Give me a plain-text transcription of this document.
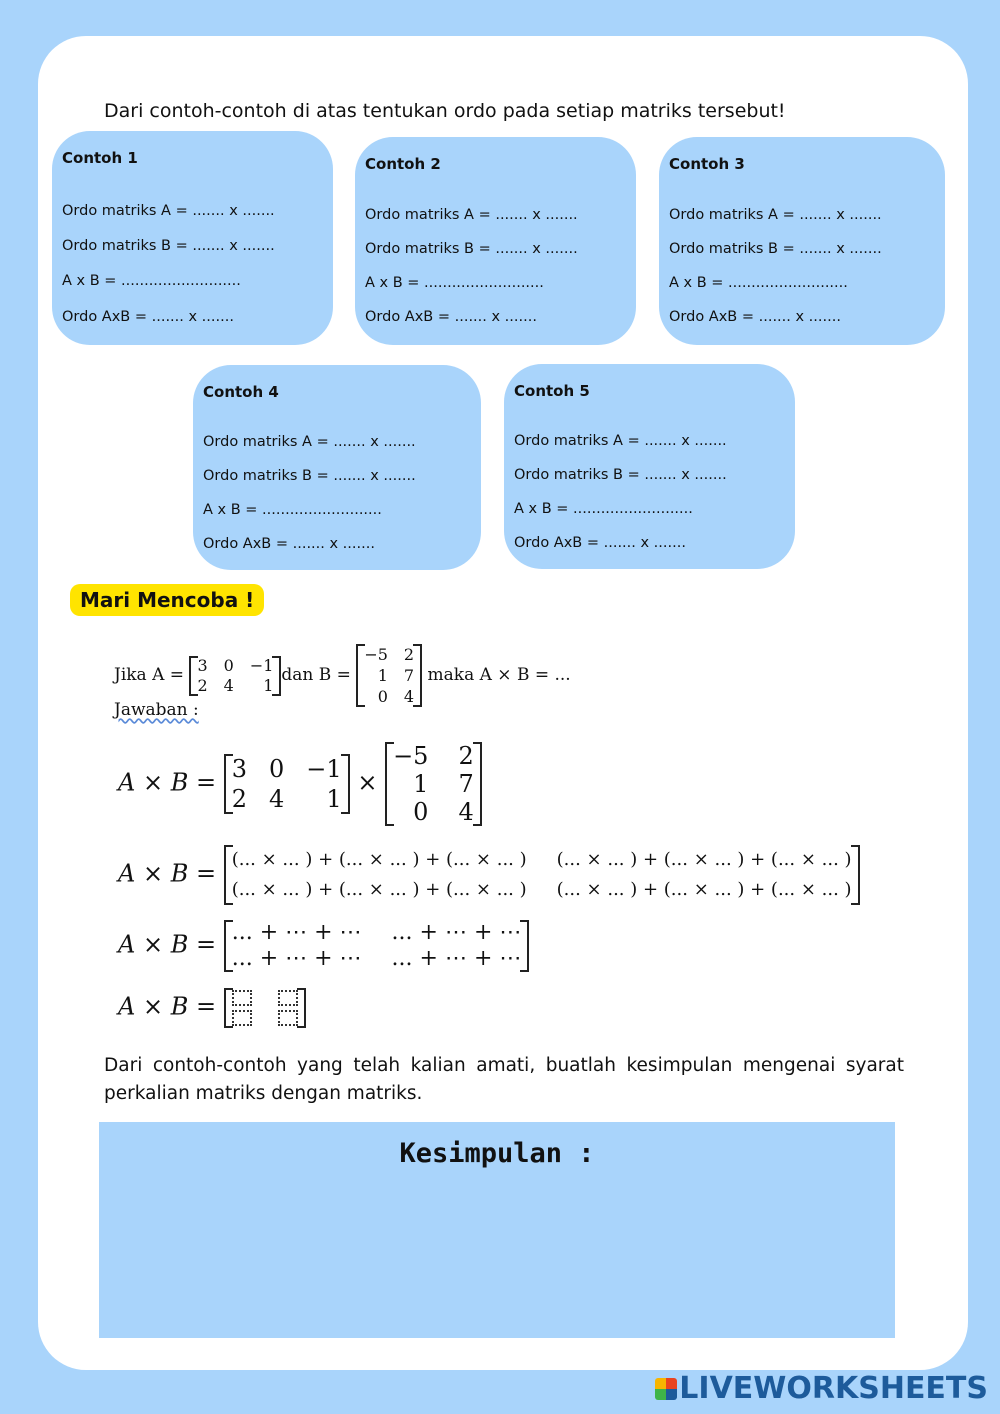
Dari contoh-contoh di atas tentukan ordo pada setiap matriks tersebut!
Contoh 1
Ordo matriks A = ....... x .......
Ordo matriks B = ....... x .......
A x B = ..........................
Ordo AxB = ....... x .......
Contoh 2
Ordo matriks A = ....... x .......
Ordo matriks B = ....... x .......
A x B = ..........................
Ordo AxB = ....... x .......
Contoh 3
Ordo matriks A = ....... x .......
Ordo matriks B = ....... x .......
A x B = ..........................
Ordo AxB = ....... x .......
Contoh 4
Ordo matriks A = ....... x .......
Ordo matriks B = ....... x .......
A x B = ..........................
Ordo AxB = ....... x .......
Contoh 5
Ordo matriks A = ....... x .......
Ordo matriks B = ....... x .......
A x B = ..........................
Ordo AxB = ....... x .......
Mari Mencoba !
Jika A = 3 0 −1
2 4	1 dan B =
−5 2
1 7
0 4
maka A × B = ...
Jawaban :
A × B = 3 0 −1
2 4	1
×
−5 2
1 7
0 4
A × B = (... × ... ) + (... × ... ) + (... × ... ) (... × ... ) + (... × ... ) + (... × ... )
(... × ... ) + (... × ... ) + (... × ... ) (... × ... ) + (... × ... ) + (... × ... )
A × B = ... + ⋯ + ⋯ ... + ⋯ + ⋯
... + ⋯ + ⋯ ... + ⋯ + ⋯
A × B =
Dari contoh-contoh yang telah kalian amati, buatlah kesimpulan mengenai syarat perkalian matriks dengan matriks.
Kesimpulan :
LIVEWORKSHEETS
